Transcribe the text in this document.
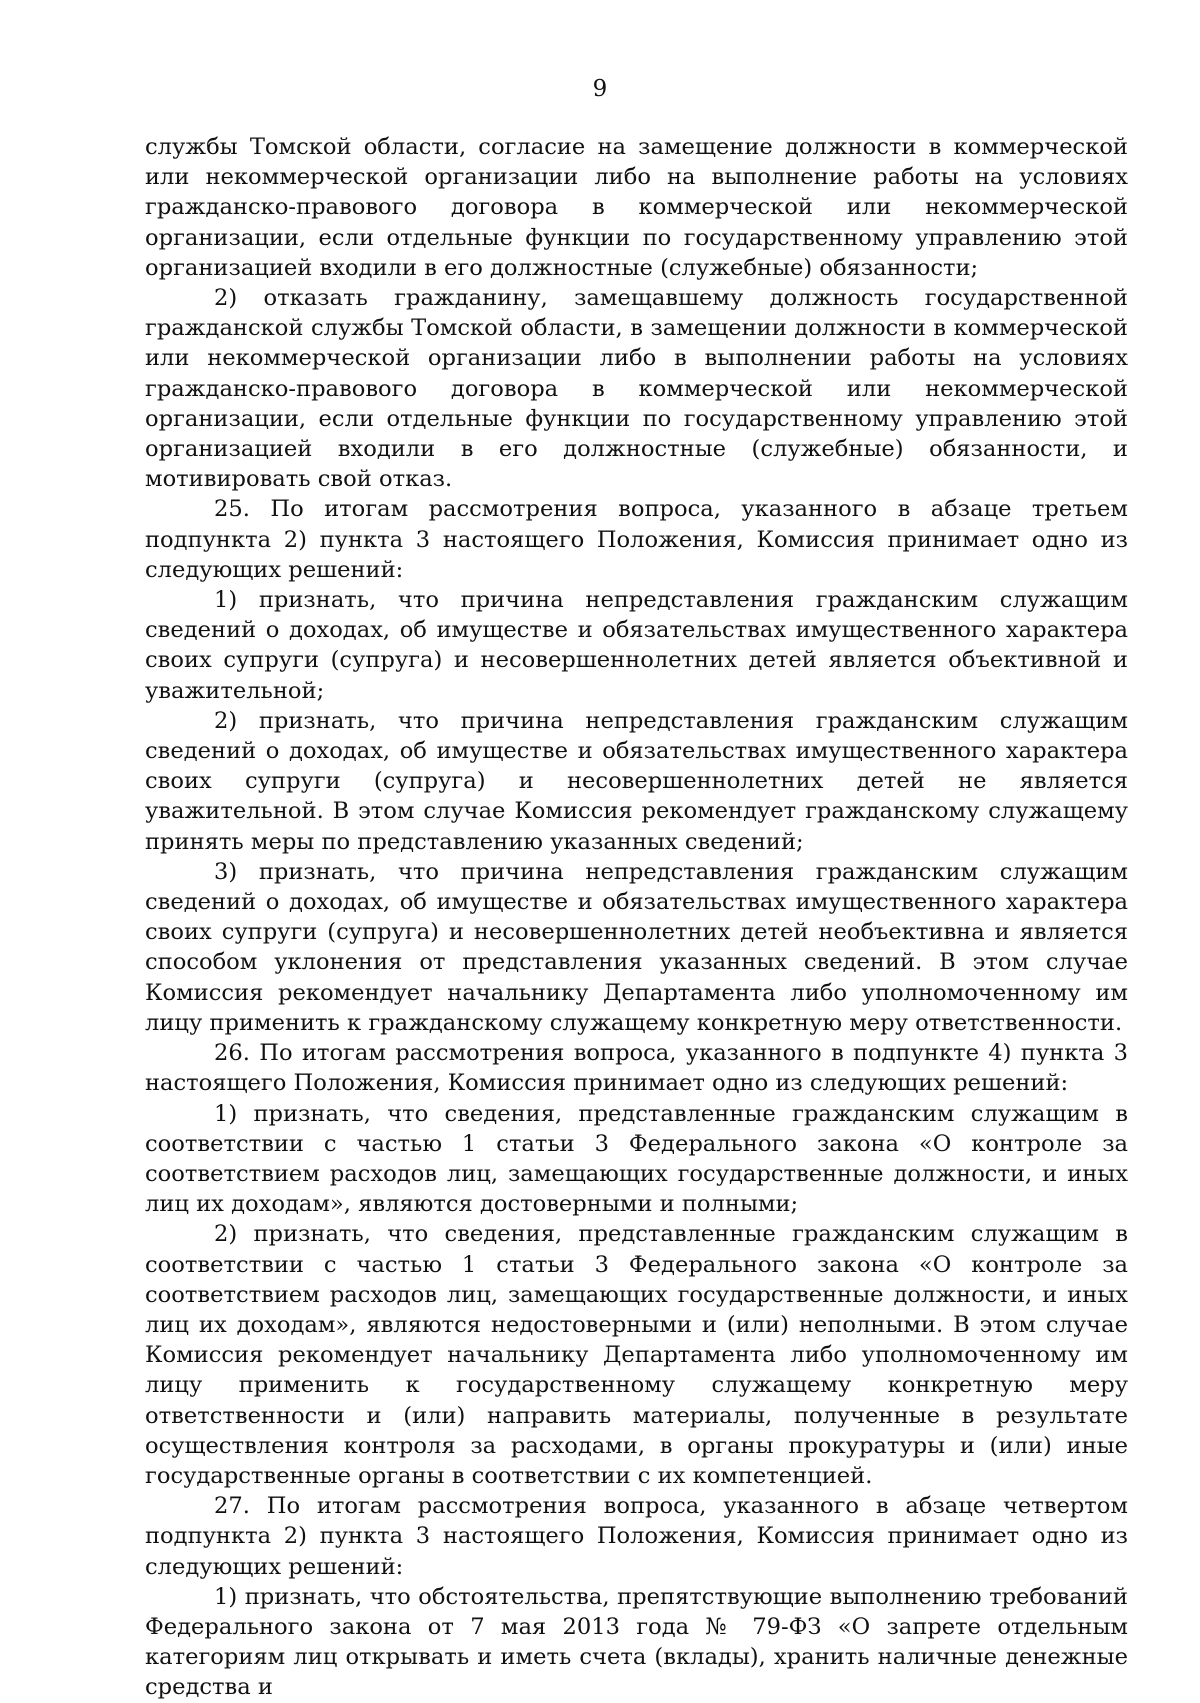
9

службы Томской области, согласие на замещение должности в коммерческой или некоммерческой организации либо на выполнение работы на условиях гражданско-правового договора в коммерческой или некоммерческой организации, если отдельные функции по государственному управлению этой организацией входили в его должностные (служебные) обязанности;

2) отказать гражданину, замещавшему должность государственной гражданской службы Томской области, в замещении должности в коммерческой или некоммерческой организации либо в выполнении работы на условиях гражданско-правового договора в коммерческой или некоммерческой организации, если отдельные функции по государственному управлению этой организацией входили в его должностные (служебные) обязанности, и мотивировать свой отказ.

25. По итогам рассмотрения вопроса, указанного в абзаце третьем подпункта 2) пункта 3 настоящего Положения, Комиссия принимает одно из следующих решений:

1) признать, что причина непредставления гражданским служащим сведений о доходах, об имуществе и обязательствах имущественного характера своих супруги (супруга) и несовершеннолетних детей является объективной и уважительной;

2) признать, что причина непредставления гражданским служащим сведений о доходах, об имуществе и обязательствах имущественного характера своих супруги (супруга) и несовершеннолетних детей не является уважительной. В этом случае Комиссия рекомендует гражданскому служащему принять меры по представлению указанных сведений;

3) признать, что причина непредставления гражданским служащим сведений о доходах, об имуществе и обязательствах имущественного характера своих супруги (супруга) и несовершеннолетних детей необъективна и является способом уклонения от представления указанных сведений. В этом случае Комиссия рекомендует начальнику Департамента либо уполномоченному им лицу применить к гражданскому служащему конкретную меру ответственности.

26. По итогам рассмотрения вопроса, указанного в подпункте 4) пункта 3 настоящего Положения, Комиссия принимает одно из следующих решений:

1) признать, что сведения, представленные гражданским служащим в соответствии с частью 1 статьи 3 Федерального закона «О контроле за соответствием расходов лиц, замещающих государственные должности, и иных лиц их доходам», являются достоверными и полными;

2) признать, что сведения, представленные гражданским служащим в соответствии с частью 1 статьи 3 Федерального закона «О контроле за соответствием расходов лиц, замещающих государственные должности, и иных лиц их доходам», являются недостоверными и (или) неполными. В этом случае Комиссия рекомендует начальнику Департамента либо уполномоченному им лицу применить к государственному служащему конкретную меру ответственности и (или) направить материалы, полученные в результате осуществления контроля за расходами, в органы прокуратуры и (или) иные государственные органы в соответствии с их компетенцией.

27. По итогам рассмотрения вопроса, указанного в абзаце четвертом подпункта 2) пункта 3 настоящего Положения, Комиссия принимает одно из следующих решений:

1) признать, что обстоятельства, препятствующие выполнению требований Федерального закона от 7 мая 2013 года № 79-ФЗ «О запрете отдельным категориям лиц открывать и иметь счета (вклады), хранить наличные денежные средства и
